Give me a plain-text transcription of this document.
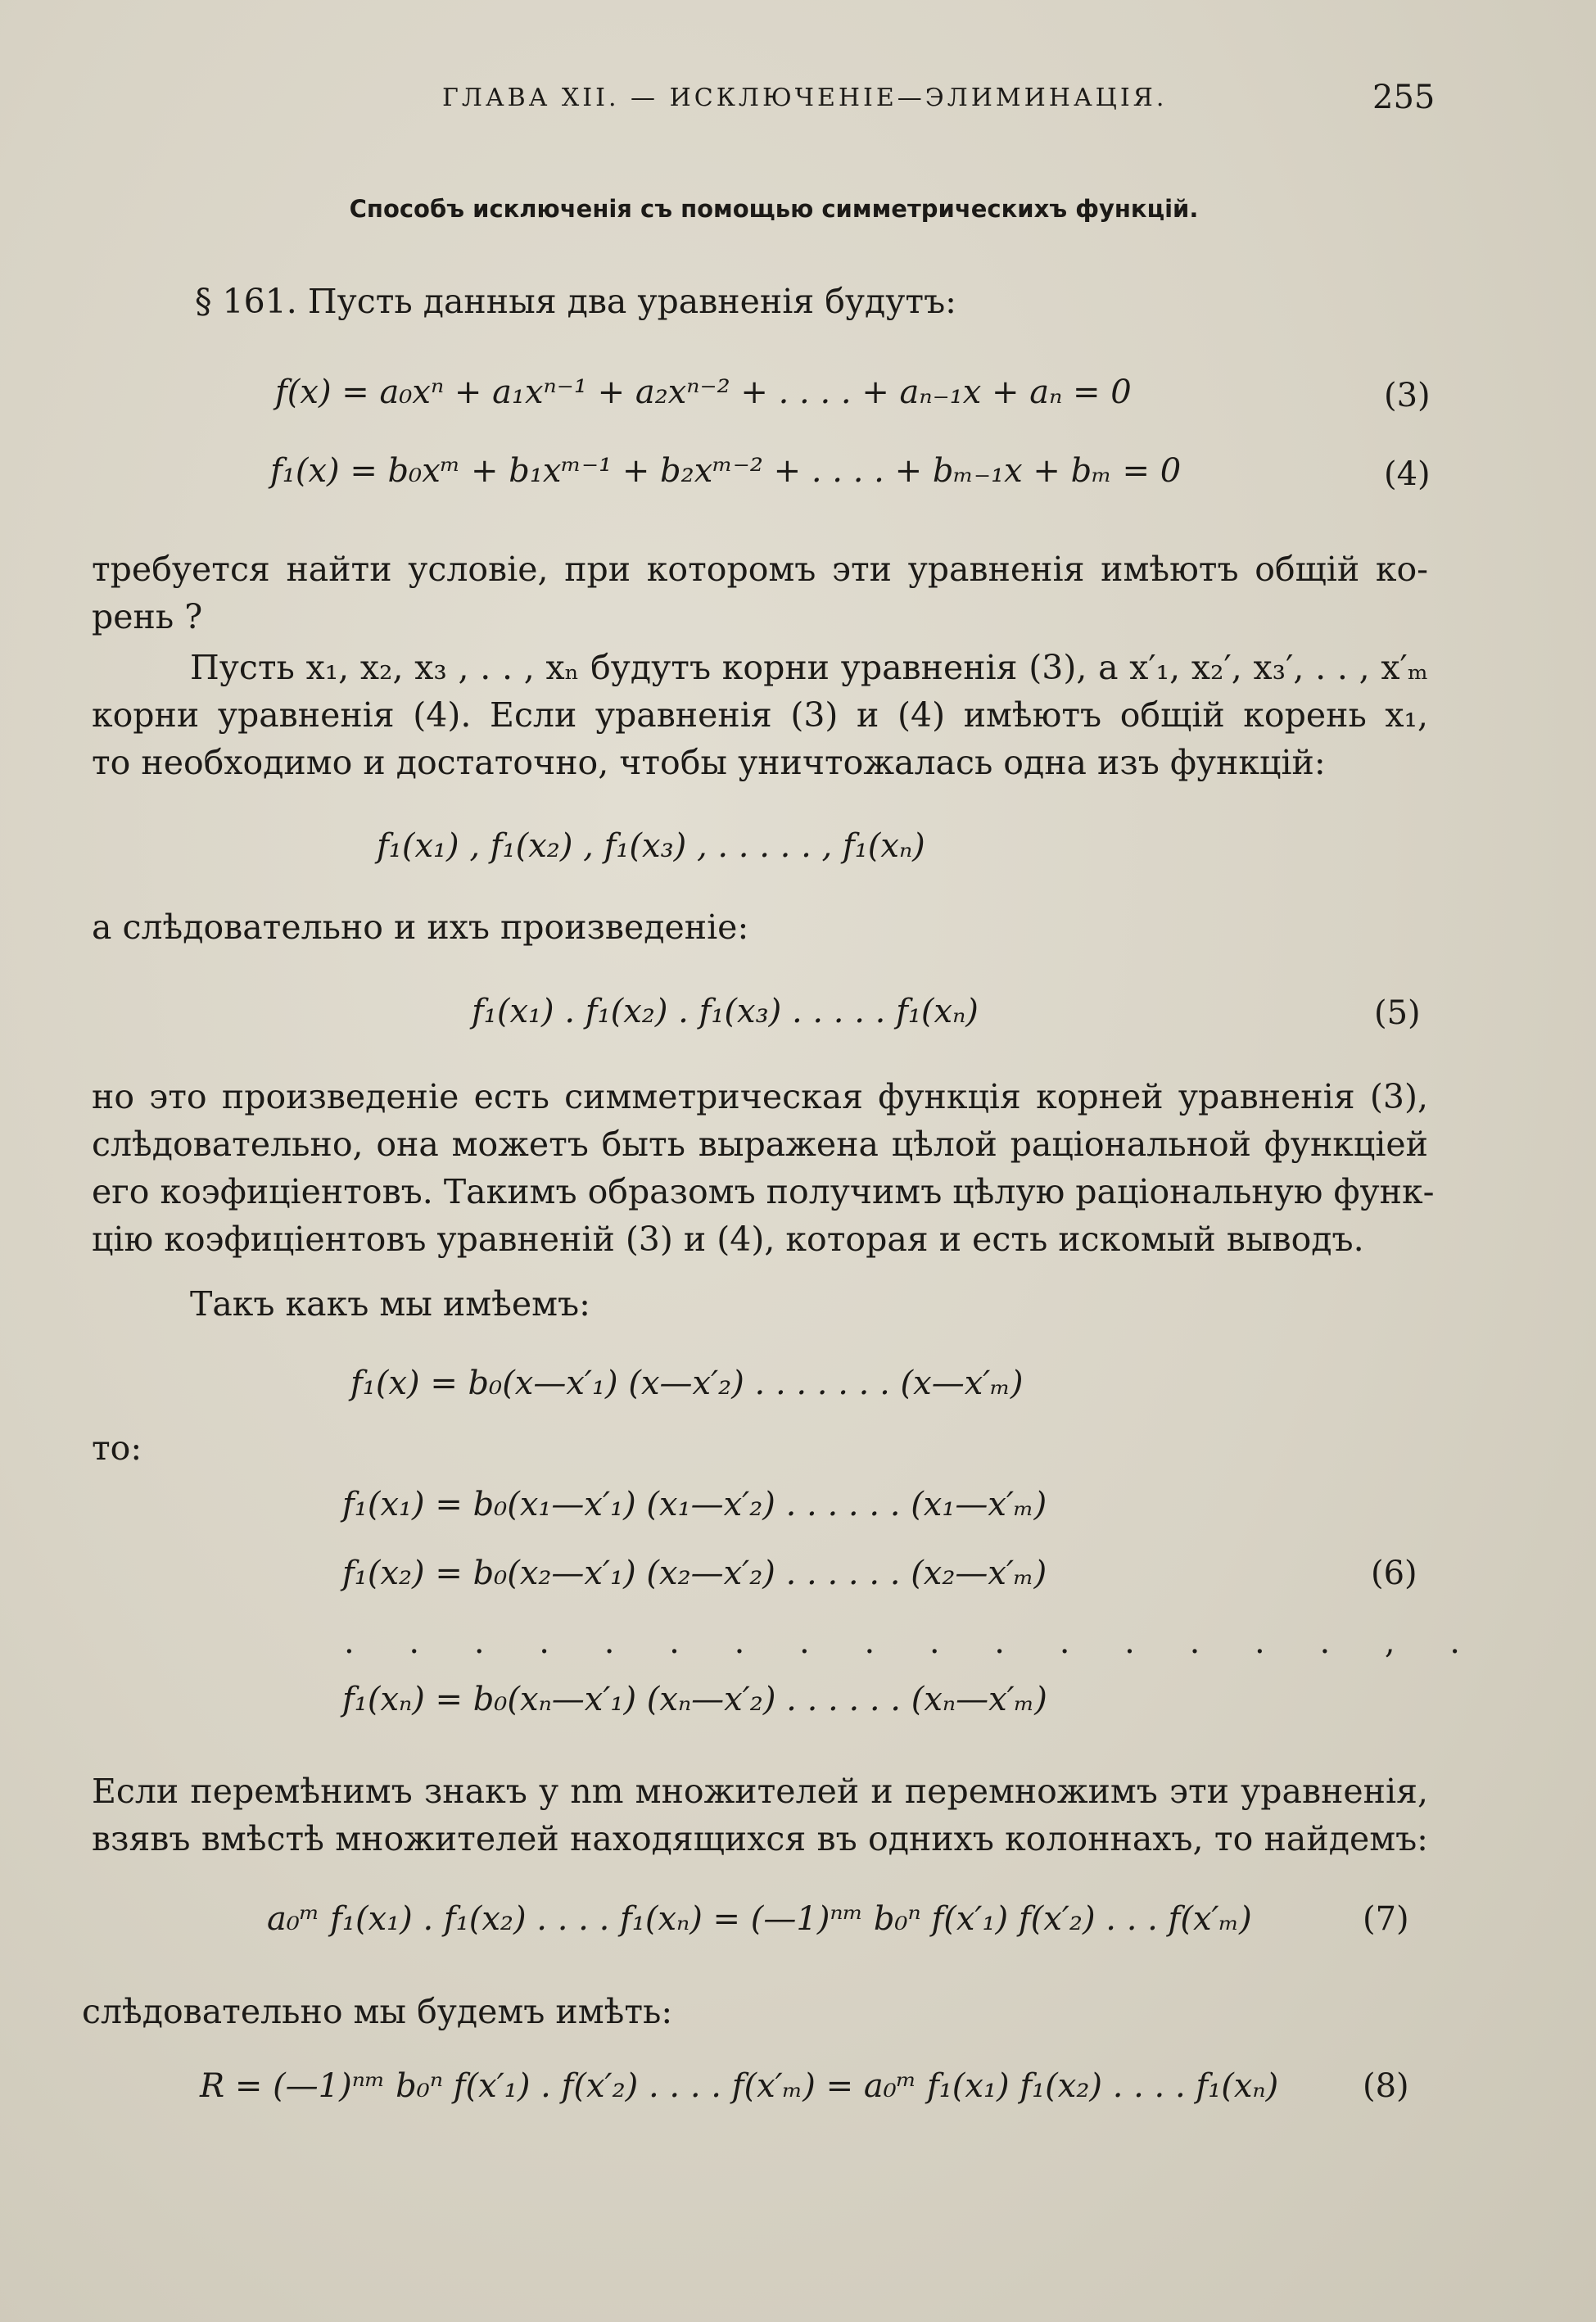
ГЛАВА XII. — ИСКЛЮЧЕНІЕ—ЭЛИМИНАЦІЯ.	255
Способъ исключенія съ помощью симметрическихъ функцій.
§ 161. Пусть данныя два уравненія будутъ:
f(x) = a₀xⁿ + a₁xⁿ⁻¹ + a₂xⁿ⁻² + . . . . + aₙ₋₁x + aₙ = 0	(3)
f₁(x) = b₀xᵐ + b₁xᵐ⁻¹ + b₂xᵐ⁻² + . . . . + bₘ₋₁x + bₘ = 0	(4)
требуется найти условіе, при которомъ эти уравненія имѣютъ общій ко-
рень ?
Пусть x₁, x₂, x₃ , . . , xₙ будутъ корни уравненія (3), а x′₁, x₂′, x₃′, . . , x′ₘ
корни уравненія (4). Если уравненія (3) и (4) имѣютъ общій корень x₁,
то необходимо и достаточно, чтобы уничтожалась одна изъ функцій:
f₁(x₁) , f₁(x₂) , f₁(x₃) , . . . . . , f₁(xₙ)
а слѣдовательно и ихъ произведеніе:
f₁(x₁) . f₁(x₂) . f₁(x₃) . . . . . f₁(xₙ)	(5)
но это произведеніе есть симметрическая функція корней уравненія (3),
слѣдовательно, она можетъ быть выражена цѣлой раціональной функціей
его коэфиціентовъ. Такимъ образомъ получимъ цѣлую раціональную функ-
цію коэфиціентовъ уравненій (3) и (4), которая и есть искомый выводъ.
Такъ какъ мы имѣемъ:
f₁(x) = b₀(x—x′₁) (x—x′₂) . . . . . . . (x—x′ₘ)
то:
f₁(x₁) = b₀(x₁—x′₁) (x₁—x′₂) . . . . . . (x₁—x′ₘ)
f₁(x₂) = b₀(x₂—x′₁) (x₂—x′₂) . . . . . . (x₂—x′ₘ)	(6)
. . . . . . . . . . . . . . . . , .
f₁(xₙ) = b₀(xₙ—x′₁) (xₙ—x′₂) . . . . . . (xₙ—x′ₘ)
Если перемѣнимъ знакъ у nm множителей и перемножимъ эти уравненія,
взявъ вмѣстѣ множителей находящихся въ однихъ колоннахъ, то найдемъ:
a₀ᵐ f₁(x₁) . f₁(x₂) . . . . f₁(xₙ) = (—1)ⁿᵐ b₀ⁿ f(x′₁) f(x′₂) . . . f(x′ₘ)	(7)
слѣдовательно мы будемъ имѣть:
R = (—1)ⁿᵐ b₀ⁿ f(x′₁) . f(x′₂) . . . . f(x′ₘ) = a₀ᵐ f₁(x₁) f₁(x₂) . . . . f₁(xₙ)	(8)
